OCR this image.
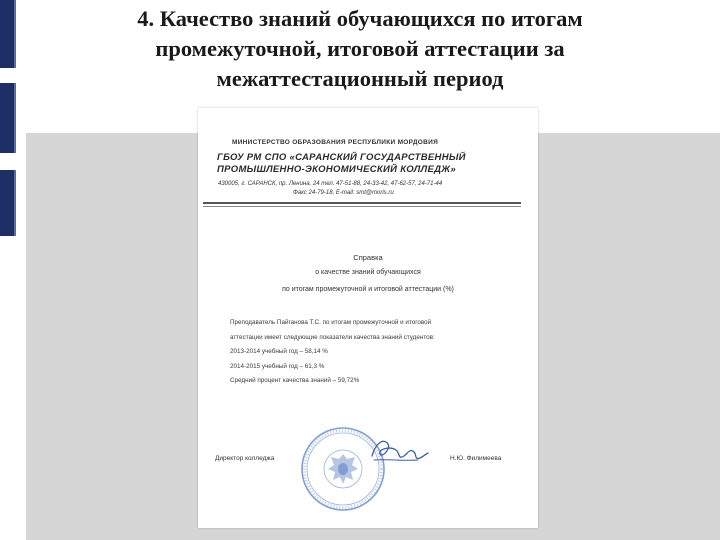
4. Качество знаний обучающихся по итогам
промежуточной, итоговой аттестации за
межаттестационный период
МИНИСТЕРСТВО ОБРАЗОВАНИЯ РЕСПУБЛИКИ МОРДОВИЯ
ГБОУ РМ СПО «САРАНСКИЙ ГОСУДАРСТВЕННЫЙ
ПРОМЫШЛЕННО-ЭКОНОМИЧЕСКИЙ КОЛЛЕДЖ»
430005, г. САРАНСК, пр. Ленина, 24 тел. 47-51-88, 24-33-42, 47-62-57, 24-71-44
Факс 24-79-18, E-mail: smt@moris.ru
Справка
о качестве знаний обучающихся
по итогам промежуточной и итоговой аттестации (%)
Преподаватель Пайганова Т.С. по итогам промежуточной и итоговой
аттестации имеет следующие показатели качества знаний студентов:
2013-2014 учебный год – 58,14 %
2014-2015 учебный год – 61,3 %
Средний процент качества знаний – 59,72%
Директор колледжа	Н.Ю. Филимеева
